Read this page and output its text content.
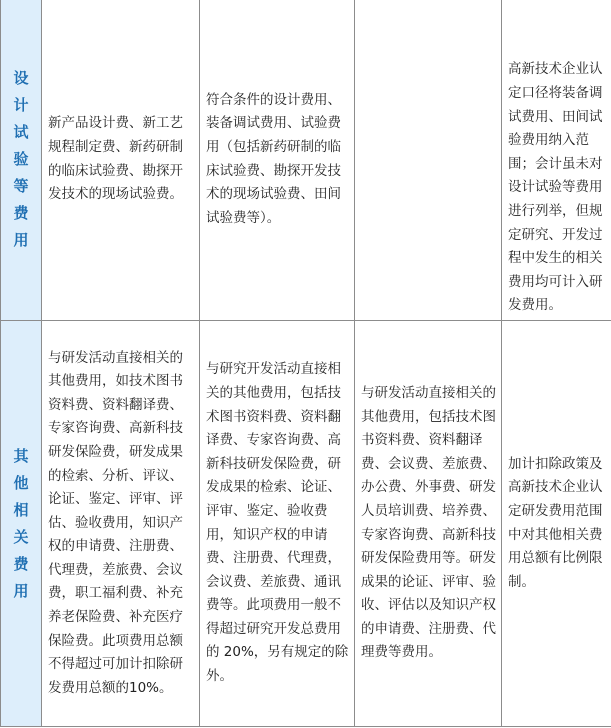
设计试验等费用	新产品设计费、新工艺规程制定费、新药研制的临床试验费、勘探开发技术的现场试验费。	符合条件的设计费用、装备调试费用、试验费用（包括新药研制的临床试验费、勘探开发技术的现场试验费、田间试验费等）。		高新技术企业认定口径将装备调试费用、田间试验费用纳入范围；会计虽未对设计试验等费用进行列举，但规定研究、开发过程中发生的相关费用均可计入研发费用。

其他相关费用	与研发活动直接相关的其他费用，如技术图书资料费、资料翻译费、专家咨询费、高新科技研发保险费，研发成果的检索、分析、评议、论证、鉴定、评审、评估、验收费用，知识产权的申请费、注册费、代理费，差旅费、会议费，职工福利费、补充养老保险费、补充医疗保险费。此项费用总额不得超过可加计扣除研发费用总额的10%。	与研究开发活动直接相关的其他费用，包括技术图书资料费、资料翻译费、专家咨询费、高新科技研发保险费，研发成果的检索、论证、评审、鉴定、验收费用，知识产权的申请费、注册费、代理费，会议费、差旅费、通讯费等。此项费用一般不得超过研究开发总费用的 20%，另有规定的除外。	与研发活动直接相关的其他费用，包括技术图书资料费、资料翻译费、会议费、差旅费、办公费、外事费、研发人员培训费、培养费、专家咨询费、高新科技研发保险费用等。研发成果的论证、评审、验收、评估以及知识产权的申请费、注册费、代理费等费用。	加计扣除政策及高新技术企业认定研发费用范围中对其他相关费用总额有比例限制。
